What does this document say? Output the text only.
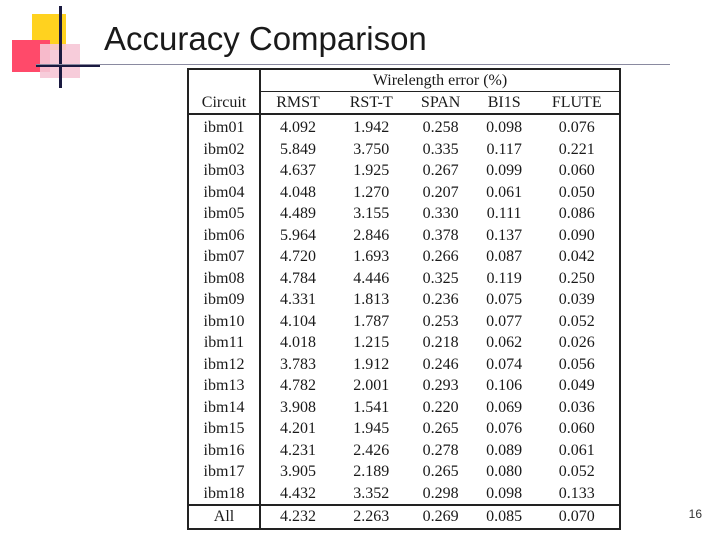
Accuracy Comparison
	Wirelength error (%)				
Circuit	RMST	RST-T	SPAN	BI1S	FLUTE
ibm01	4.092	1.942	0.258	0.098	0.076
ibm02	5.849	3.750	0.335	0.117	0.221
ibm03	4.637	1.925	0.267	0.099	0.060
ibm04	4.048	1.270	0.207	0.061	0.050
ibm05	4.489	3.155	0.330	0.111	0.086
ibm06	5.964	2.846	0.378	0.137	0.090
ibm07	4.720	1.693	0.266	0.087	0.042
ibm08	4.784	4.446	0.325	0.119	0.250
ibm09	4.331	1.813	0.236	0.075	0.039
ibm10	4.104	1.787	0.253	0.077	0.052
ibm11	4.018	1.215	0.218	0.062	0.026
ibm12	3.783	1.912	0.246	0.074	0.056
ibm13	4.782	2.001	0.293	0.106	0.049
ibm14	3.908	1.541	0.220	0.069	0.036
ibm15	4.201	1.945	0.265	0.076	0.060
ibm16	4.231	2.426	0.278	0.089	0.061
ibm17	3.905	2.189	0.265	0.080	0.052
ibm18	4.432	3.352	0.298	0.098	0.133
All	4.232	2.263	0.269	0.085	0.070	16
